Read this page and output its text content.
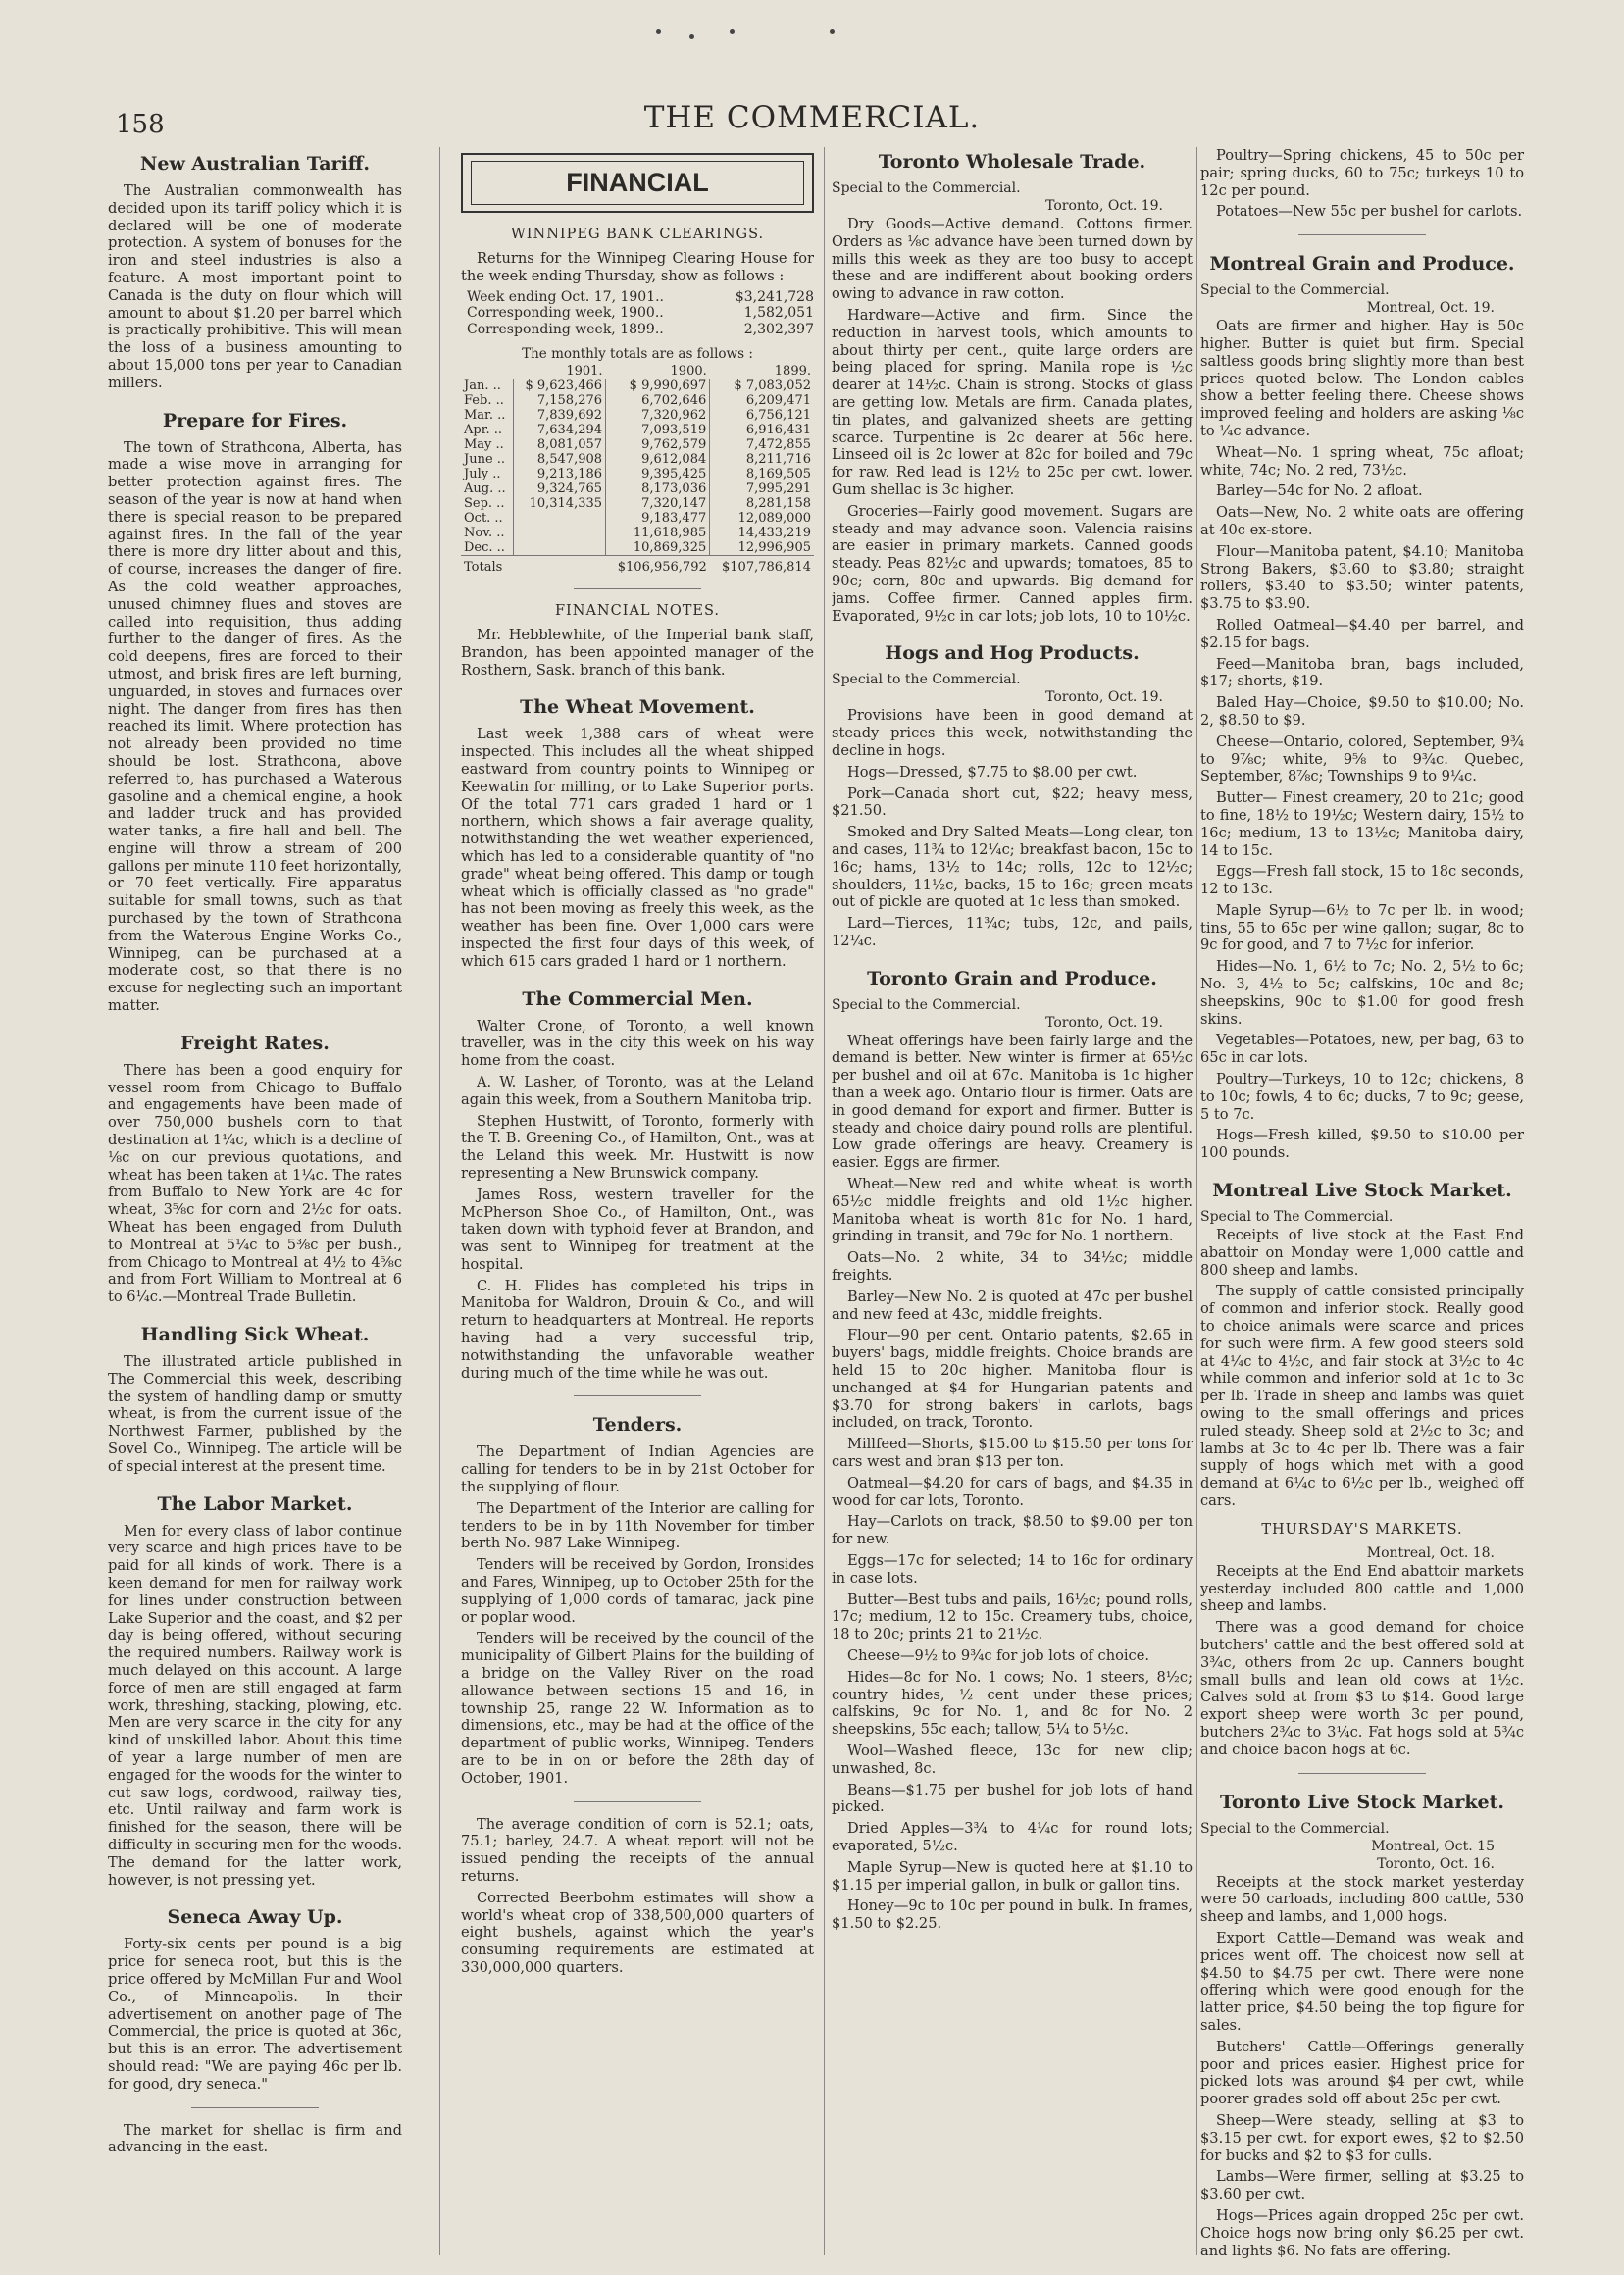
158	THE COMMERCIAL.
New Australian Tariff.

The Australian commonwealth has decided upon its tariff policy which it is declared will be one of moderate protection. A system of bonuses for the iron and steel industries is also a feature. A most important point to Canada is the duty on flour which will amount to about $1.20 per barrel which is practically prohibitive. This will mean the loss of a business amounting to about 15,000 tons per year to Canadian millers.

Prepare for Fires.

The town of Strathcona, Alberta, has made a wise move in arranging for better protection against fires. The season of the year is now at hand when there is special reason to be prepared against fires. In the fall of the year there is more dry litter about and this, of course, increases the danger of fire. As the cold weather approaches, unused chimney flues and stoves are called into requisition, thus adding further to the danger of fires. As the cold deepens, fires are forced to their utmost, and brisk fires are left burning, unguarded, in stoves and furnaces over night. The danger from fires has then reached its limit. Where protection has not already been provided no time should be lost. Strathcona, above referred to, has purchased a Waterous gasoline and a chemical engine, a hook and ladder truck and has provided water tanks, a fire hall and bell. The engine will throw a stream of 200 gallons per minute 110 feet horizontally, or 70 feet vertically. Fire apparatus suitable for small towns, such as that purchased by the town of Strathcona from the Waterous Engine Works Co., Winnipeg, can be purchased at a moderate cost, so that there is no excuse for neglecting such an important matter.

Freight Rates.

There has been a good enquiry for vessel room from Chicago to Buffalo and engagements have been made of over 750,000 bushels corn to that destination at 1¼c, which is a decline of ⅛c on our previous quotations, and wheat has been taken at 1¼c. The rates from Buffalo to New York are 4c for wheat, 3⅝c for corn and 2½c for oats. Wheat has been engaged from Duluth to Montreal at 5¼c to 5⅜c per bush., from Chicago to Montreal at 4½ to 4⅝c and from Fort William to Montreal at 6 to 6¼c.—Montreal Trade Bulletin.

Handling Sick Wheat.

The illustrated article published in The Commercial this week, describing the system of handling damp or smutty wheat, is from the current issue of the Northwest Farmer, published by the Sovel Co., Winnipeg. The article will be of special interest at the present time.

The Labor Market.

Men for every class of labor continue very scarce and high prices have to be paid for all kinds of work. There is a keen demand for men for railway work for lines under construction between Lake Superior and the coast, and $2 per day is being offered, without securing the required numbers. Railway work is much delayed on this account. A large force of men are still engaged at farm work, threshing, stacking, plowing, etc. Men are very scarce in the city for any kind of unskilled labor. About this time of year a large number of men are engaged for the woods for the winter to cut saw logs, cordwood, railway ties, etc. Until railway and farm work is finished for the season, there will be difficulty in securing men for the woods. The demand for the latter work, however, is not pressing yet.

Seneca Away Up.

Forty-six cents per pound is a big price for seneca root, but this is the price offered by McMillan Fur and Wool Co., of Minneapolis. In their advertisement on another page of The Commercial, the price is quoted at 36c, but this is an error. The advertisement should read: "We are paying 46c per lb. for good, dry seneca."

The market for shellac is firm and advancing in the east.

FINANCIAL
WINNIPEG BANK CLEARINGS.

Returns for the Winnipeg Clearing House for the week ending Thursday, show as follows :

Week ending Oct. 17, 1901..	$3,241,728
Corresponding week, 1900..	1,582,051
Corresponding week, 1899..	2,302,397
The monthly totals are as follows :
	1901.	1900.	1899.
Jan. ..	$ 9,623,466	$ 9,990,697	$ 7,083,052
Feb. ..	7,158,276	6,702,646	6,209,471
Mar. ..	7,839,692	7,320,962	6,756,121
Apr. ..	7,634,294	7,093,519	6,916,431
May ..	8,081,057	9,762,579	7,472,855
June ..	8,547,908	9,612,084	8,211,716
July ..	9,213,186	9,395,425	8,169,505
Aug. ..	9,324,765	8,173,036	7,995,291
Sep. ..	10,314,335	7,320,147	8,281,158
Oct. ..		9,183,477	12,089,000
Nov. ..		11,618,985	14,433,219
Dec. ..		10,869,325	12,996,905
Totals		$106,956,792	$107,786,814
FINANCIAL NOTES.

Mr. Hebblewhite, of the Imperial bank staff, Brandon, has been appointed manager of the Rosthern, Sask. branch of this bank.

The Wheat Movement.

Last week 1,388 cars of wheat were inspected. This includes all the wheat shipped eastward from country points to Winnipeg or Keewatin for milling, or to Lake Superior ports. Of the total 771 cars graded 1 hard or 1 northern, which shows a fair average quality, notwithstanding the wet weather experienced, which has led to a considerable quantity of "no grade" wheat being offered. This damp or tough wheat which is officially classed as "no grade" has not been moving as freely this week, as the weather has been fine. Over 1,000 cars were inspected the first four days of this week, of which 615 cars graded 1 hard or 1 northern.

The Commercial Men.

Walter Crone, of Toronto, a well known traveller, was in the city this week on his way home from the coast.

A. W. Lasher, of Toronto, was at the Leland again this week, from a Southern Manitoba trip.

Stephen Hustwitt, of Toronto, formerly with the T. B. Greening Co., of Hamilton, Ont., was at the Leland this week. Mr. Hustwitt is now representing a New Brunswick company.

James Ross, western traveller for the McPherson Shoe Co., of Hamilton, Ont., was taken down with typhoid fever at Brandon, and was sent to Winnipeg for treatment at the hospital.

C. H. Flides has completed his trips in Manitoba for Waldron, Drouin & Co., and will return to headquarters at Montreal. He reports having had a very successful trip, notwithstanding the unfavorable weather during much of the time while he was out.

Tenders.

The Department of Indian Agencies are calling for tenders to be in by 21st October for the supplying of flour.

The Department of the Interior are calling for tenders to be in by 11th November for timber berth No. 987 Lake Winnipeg.

Tenders will be received by Gordon, Ironsides and Fares, Winnipeg, up to October 25th for the supplying of 1,000 cords of tamarac, jack pine or poplar wood.

Tenders will be received by the council of the municipality of Gilbert Plains for the building of a bridge on the Valley River on the road allowance between sections 15 and 16, in township 25, range 22 W. Information as to dimensions, etc., may be had at the office of the department of public works, Winnipeg. Tenders are to be in on or before the 28th day of October, 1901.

The average condition of corn is 52.1; oats, 75.1; barley, 24.7. A wheat report will not be issued pending the receipts of the annual returns.

Corrected Beerbohm estimates will show a world's wheat crop of 338,500,000 quarters of eight bushels, against which the year's consuming requirements are estimated at 330,000,000 quarters.

Toronto Wholesale Trade.
Special to the Commercial.
Toronto, Oct. 19.

Dry Goods—Active demand. Cottons firmer. Orders as ⅛c advance have been turned down by mills this week as they are too busy to accept these and are indifferent about booking orders owing to advance in raw cotton.

Hardware—Active and firm. Since the reduction in harvest tools, which amounts to about thirty per cent., quite large orders are being placed for spring. Manila rope is ½c dearer at 14½c. Chain is strong. Stocks of glass are getting low. Metals are firm. Canada plates, tin plates, and galvanized sheets are getting scarce. Turpentine is 2c dearer at 56c here. Linseed oil is 2c lower at 82c for boiled and 79c for raw. Red lead is 12½ to 25c per cwt. lower. Gum shellac is 3c higher.

Groceries—Fairly good movement. Sugars are steady and may advance soon. Valencia raisins are easier in primary markets. Canned goods steady. Peas 82½c and upwards; tomatoes, 85 to 90c; corn, 80c and upwards. Big demand for jams. Coffee firmer. Canned apples firm. Evaporated, 9½c in car lots; job lots, 10 to 10½c.

Hogs and Hog Products.
Special to the Commercial.
Toronto, Oct. 19.

Provisions have been in good demand at steady prices this week, notwithstanding the decline in hogs.

Hogs—Dressed, $7.75 to $8.00 per cwt.

Pork—Canada short cut, $22; heavy mess, $21.50.

Smoked and Dry Salted Meats—Long clear, ton and cases, 11¾ to 12¼c; breakfast bacon, 15c to 16c; hams, 13½ to 14c; rolls, 12c to 12½c; shoulders, 11½c, backs, 15 to 16c; green meats out of pickle are quoted at 1c less than smoked.

Lard—Tierces, 11¾c; tubs, 12c, and pails, 12¼c.

Toronto Grain and Produce.
Special to the Commercial.
Toronto, Oct. 19.

Wheat offerings have been fairly large and the demand is better. New winter is firmer at 65½c per bushel and oil at 67c. Manitoba is 1c higher than a week ago. Ontario flour is firmer. Oats are in good demand for export and firmer. Butter is steady and choice dairy pound rolls are plentiful. Low grade offerings are heavy. Creamery is easier. Eggs are firmer.

Wheat—New red and white wheat is worth 65½c middle freights and old 1½c higher. Manitoba wheat is worth 81c for No. 1 hard, grinding in transit, and 79c for No. 1 northern.

Oats—No. 2 white, 34 to 34½c; middle freights.

Barley—New No. 2 is quoted at 47c per bushel and new feed at 43c, middle freights.

Flour—90 per cent. Ontario patents, $2.65 in buyers' bags, middle freights. Choice brands are held 15 to 20c higher. Manitoba flour is unchanged at $4 for Hungarian patents and $3.70 for strong bakers' in carlots, bags included, on track, Toronto.

Millfeed—Shorts, $15.00 to $15.50 per tons for cars west and bran $13 per ton.

Oatmeal—$4.20 for cars of bags, and $4.35 in wood for car lots, Toronto.

Hay—Carlots on track, $8.50 to $9.00 per ton for new.

Eggs—17c for selected; 14 to 16c for ordinary in case lots.

Butter—Best tubs and pails, 16½c; pound rolls, 17c; medium, 12 to 15c. Creamery tubs, choice, 18 to 20c; prints 21 to 21½c.

Cheese—9½ to 9¾c for job lots of choice.

Hides—8c for No. 1 cows; No. 1 steers, 8½c; country hides, ½ cent under these prices; calfskins, 9c for No. 1, and 8c for No. 2 sheepskins, 55c each; tallow, 5¼ to 5½c.

Wool—Washed fleece, 13c for new clip; unwashed, 8c.

Beans—$1.75 per bushel for job lots of hand picked.

Dried Apples—3¾ to 4¼c for round lots; evaporated, 5½c.

Maple Syrup—New is quoted here at $1.10 to $1.15 per imperial gallon, in bulk or gallon tins.

Honey—9c to 10c per pound in bulk. In frames, $1.50 to $2.25.

Poultry—Spring chickens, 45 to 50c per pair; spring ducks, 60 to 75c; turkeys 10 to 12c per pound.

Potatoes—New 55c per bushel for carlots.

Montreal Grain and Produce.
Special to the Commercial.
Montreal, Oct. 19.

Oats are firmer and higher. Hay is 50c higher. Butter is quiet but firm. Special saltless goods bring slightly more than best prices quoted below. The London cables show a better feeling there. Cheese shows improved feeling and holders are asking ⅛c to ¼c advance.

Wheat—No. 1 spring wheat, 75c afloat; white, 74c; No. 2 red, 73½c.

Barley—54c for No. 2 afloat.

Oats—New, No. 2 white oats are offering at 40c ex-store.

Flour—Manitoba patent, $4.10; Manitoba Strong Bakers, $3.60 to $3.80; straight rollers, $3.40 to $3.50; winter patents, $3.75 to $3.90.

Rolled Oatmeal—$4.40 per barrel, and $2.15 for bags.

Feed—Manitoba bran, bags included, $17; shorts, $19.

Baled Hay—Choice, $9.50 to $10.00; No. 2, $8.50 to $9.

Cheese—Ontario, colored, September, 9¾ to 9⅞c; white, 9⅝ to 9¾c. Quebec, September, 8⅞c; Townships 9 to 9¼c.

Butter— Finest creamery, 20 to 21c; good to fine, 18½ to 19½c; Western dairy, 15½ to 16c; medium, 13 to 13½c; Manitoba dairy, 14 to 15c.

Eggs—Fresh fall stock, 15 to 18c seconds, 12 to 13c.

Maple Syrup—6½ to 7c per lb. in wood; tins, 55 to 65c per wine gallon; sugar, 8c to 9c for good, and 7 to 7½c for inferior.

Hides—No. 1, 6½ to 7c; No. 2, 5½ to 6c; No. 3, 4½ to 5c; calfskins, 10c and 8c; sheepskins, 90c to $1.00 for good fresh skins.

Vegetables—Potatoes, new, per bag, 63 to 65c in car lots.

Poultry—Turkeys, 10 to 12c; chickens, 8 to 10c; fowls, 4 to 6c; ducks, 7 to 9c; geese, 5 to 7c.

Hogs—Fresh killed, $9.50 to $10.00 per 100 pounds.

Montreal Live Stock Market.
Special to The Commercial.

Receipts of live stock at the East End abattoir on Monday were 1,000 cattle and 800 sheep and lambs.

The supply of cattle consisted principally of common and inferior stock. Really good to choice animals were scarce and prices for such were firm. A few good steers sold at 4¼c to 4½c, and fair stock at 3½c to 4c while common and inferior sold at 1c to 3c per lb. Trade in sheep and lambs was quiet owing to the small offerings and prices ruled steady. Sheep sold at 2½c to 3c; and lambs at 3c to 4c per lb. There was a fair supply of hogs which met with a good demand at 6¼c to 6½c per lb., weighed off cars.

THURSDAY'S MARKETS.
Montreal, Oct. 18.

Receipts at the End End abattoir markets yesterday included 800 cattle and 1,000 sheep and lambs.

There was a good demand for choice butchers' cattle and the best offered sold at 3¾c, others from 2c up. Canners bought small bulls and lean old cows at 1½c. Calves sold at from $3 to $14. Good large export sheep were worth 3c per pound, butchers 2¾c to 3¼c. Fat hogs sold at 5¾c and choice bacon hogs at 6c.

Toronto Live Stock Market.
Special to the Commercial.
Montreal, Oct. 15
Toronto, Oct. 16.

Receipts at the stock market yesterday were 50 carloads, including 800 cattle, 530 sheep and lambs, and 1,000 hogs.

Export Cattle—Demand was weak and prices went off. The choicest now sell at $4.50 to $4.75 per cwt. There were none offering which were good enough for the latter price, $4.50 being the top figure for sales.

Butchers' Cattle—Offerings generally poor and prices easier. Highest price for picked lots was around $4 per cwt, while poorer grades sold off about 25c per cwt.

Sheep—Were steady, selling at $3 to $3.15 per cwt. for export ewes, $2 to $2.50 for bucks and $2 to $3 for culls.

Lambs—Were firmer, selling at $3.25 to $3.60 per cwt.

Hogs—Prices again dropped 25c per cwt. Choice hogs now bring only $6.25 per cwt. and lights $6. No fats are offering.
